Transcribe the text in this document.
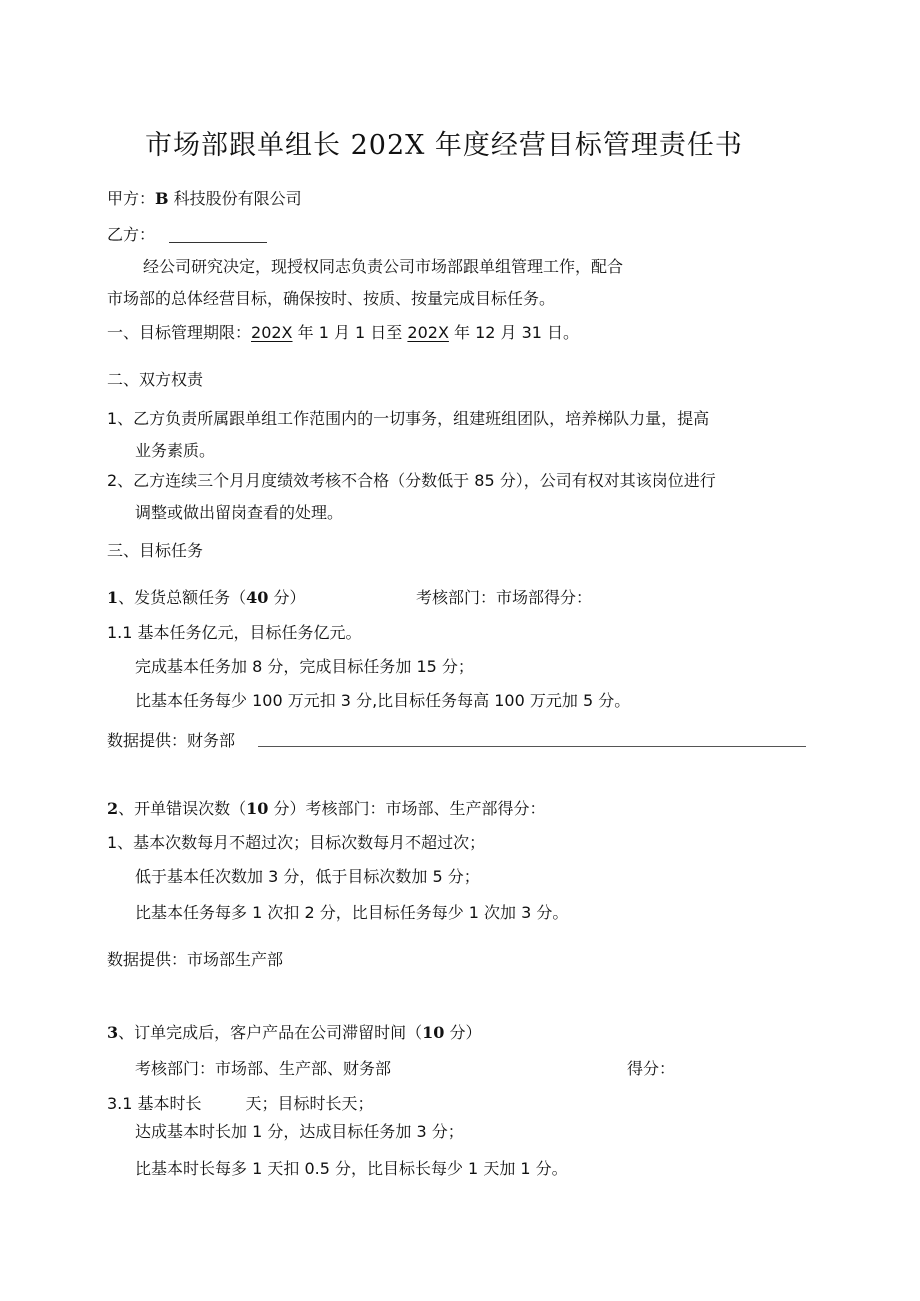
市场部跟单组长 202X 年度经营目标管理责任书
甲方：B 科技股份有限公司
乙方：
经公司研究决定，现授权同志负责公司市场部跟单组管理工作，配合
市场部的总体经营目标，确保按时、按质、按量完成目标任务。
一、目标管理期限：202X 年 1 月 1 日至 202X 年 12 月 31 日。
二、双方权责
1、乙方负责所属跟单组工作范围内的一切事务，组建班组团队，培养梯队力量，提高
业务素质。
2、乙方连续三个月月度绩效考核不合格（分数低于 85 分），公司有权对其该岗位进行
调整或做出留岗查看的处理。
三、目标任务
1、发货总额任务（40 分）	考核部门：市场部得分：
1.1 基本任务亿元，目标任务亿元。
完成基本任务加 8 分，完成目标任务加 15 分；
比基本任务每少 100 万元扣 3 分,比目标任务每高 100 万元加 5 分。
数据提供：财务部
2、开单错误次数（10 分）考核部门：市场部、生产部得分：
1、基本次数每月不超过次；目标次数每月不超过次；
低于基本任次数加 3 分，低于目标次数加 5 分；
比基本任务每多 1 次扣 2 分，比目标任务每少 1 次加 3 分。
数据提供：市场部生产部
3、订单完成后，客户产品在公司滞留时间（10 分）
考核部门：市场部、生产部、财务部	得分：
3.1 基本时长	天；目标时长天；
达成基本时长加 1 分，达成目标任务加 3 分；
比基本时长每多 1 天扣 0.5 分，比目标长每少 1 天加 1 分。
